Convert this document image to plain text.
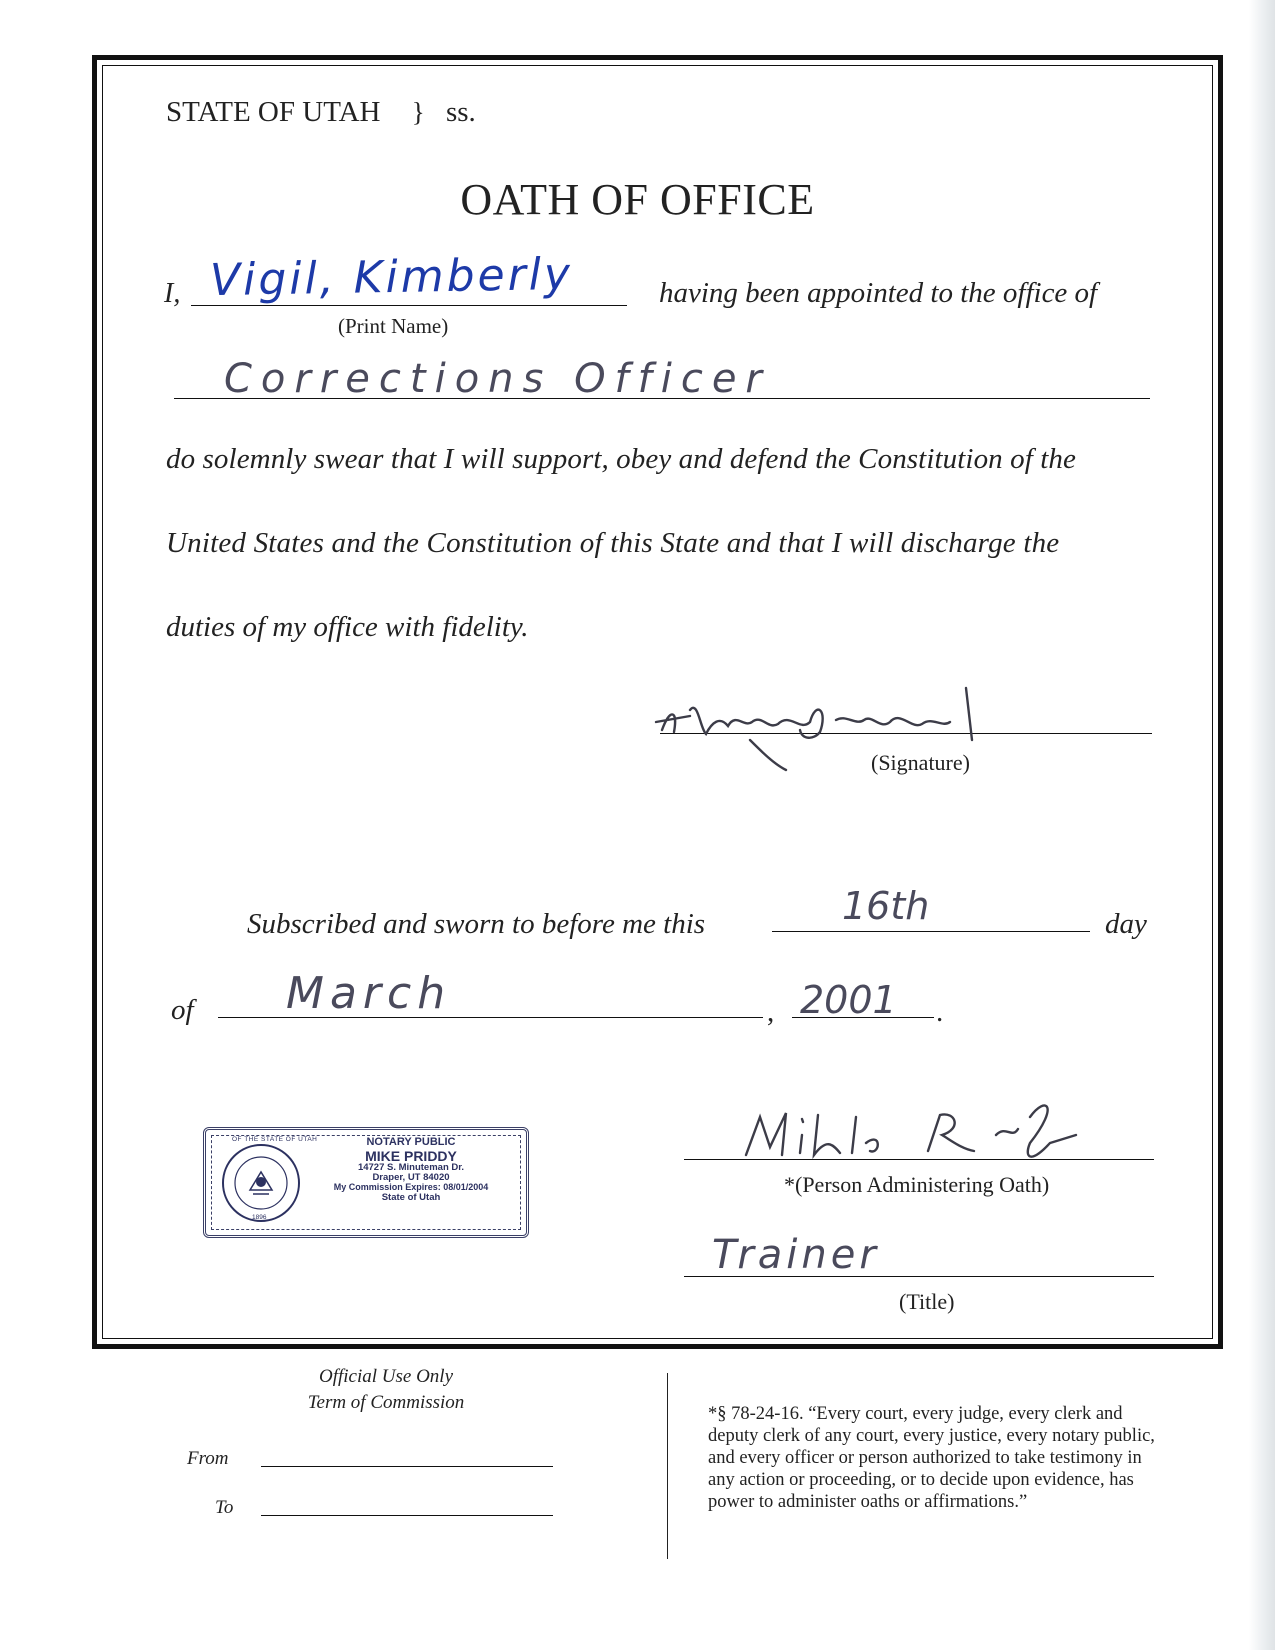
STATE OF UTAH } ss.
OATH OF OFFICE
I, Vigil, Kimberly
(Print Name)
having been appointed to the office of
Corrections Officer
do solemnly swear that I will support, obey and defend the Constitution of the
United States and the Constitution of this State and that I will discharge the
duties of my office with fidelity.
(Signature)
Subscribed and sworn to before me this	16th	day
of March	, 2001 .
OF THE STATE OF UTAH
1896
NOTARY PUBLIC
MIKE PRIDDY
14727 S. Minuteman Dr.
Draper, UT 84020
My Commission Expires: 08/01/2004
State of Utah
*(Person Administering Oath)
Trainer
(Title)
Official Use Only
Term of Commission
From
To
*§ 78-24-16. “Every court, every judge, every clerk and
deputy clerk of any court, every justice, every notary public,
and every officer or person authorized to take testimony in
any action or proceeding, or to decide upon evidence, has
power to administer oaths or affirmations.”
